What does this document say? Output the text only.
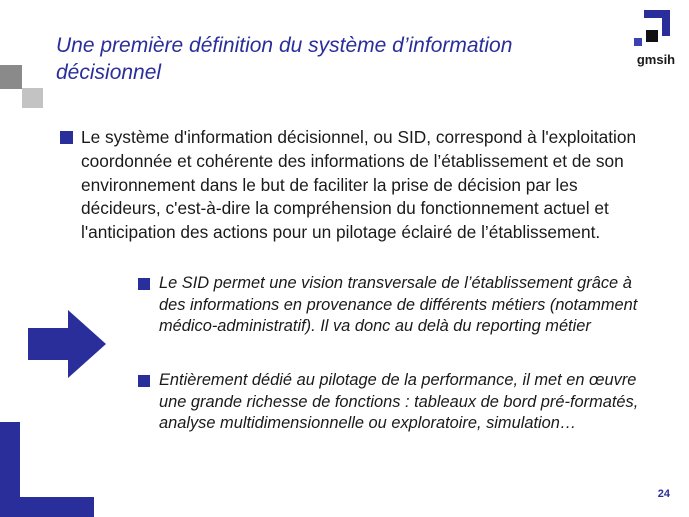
Une première définition du système d’information décisionnel
gmsih
Le système d'information décisionnel, ou SID, correspond à l'exploitation coordonnée et cohérente des informations de l’établissement et de son environnement dans le but de faciliter la prise de décision par les décideurs, c'est-à-dire la compréhension du fonctionnement actuel et l'anticipation des actions pour un pilotage éclairé de l’établissement.
Le SID permet une vision transversale de l’établissement grâce à des informations en provenance de différents métiers (notamment médico-administratif). Il va donc au delà du reporting métier
Entièrement dédié au pilotage de la performance, il met en œuvre une grande richesse de fonctions : tableaux de bord pré-formatés, analyse multidimensionnelle ou exploratoire, simulation…
24
